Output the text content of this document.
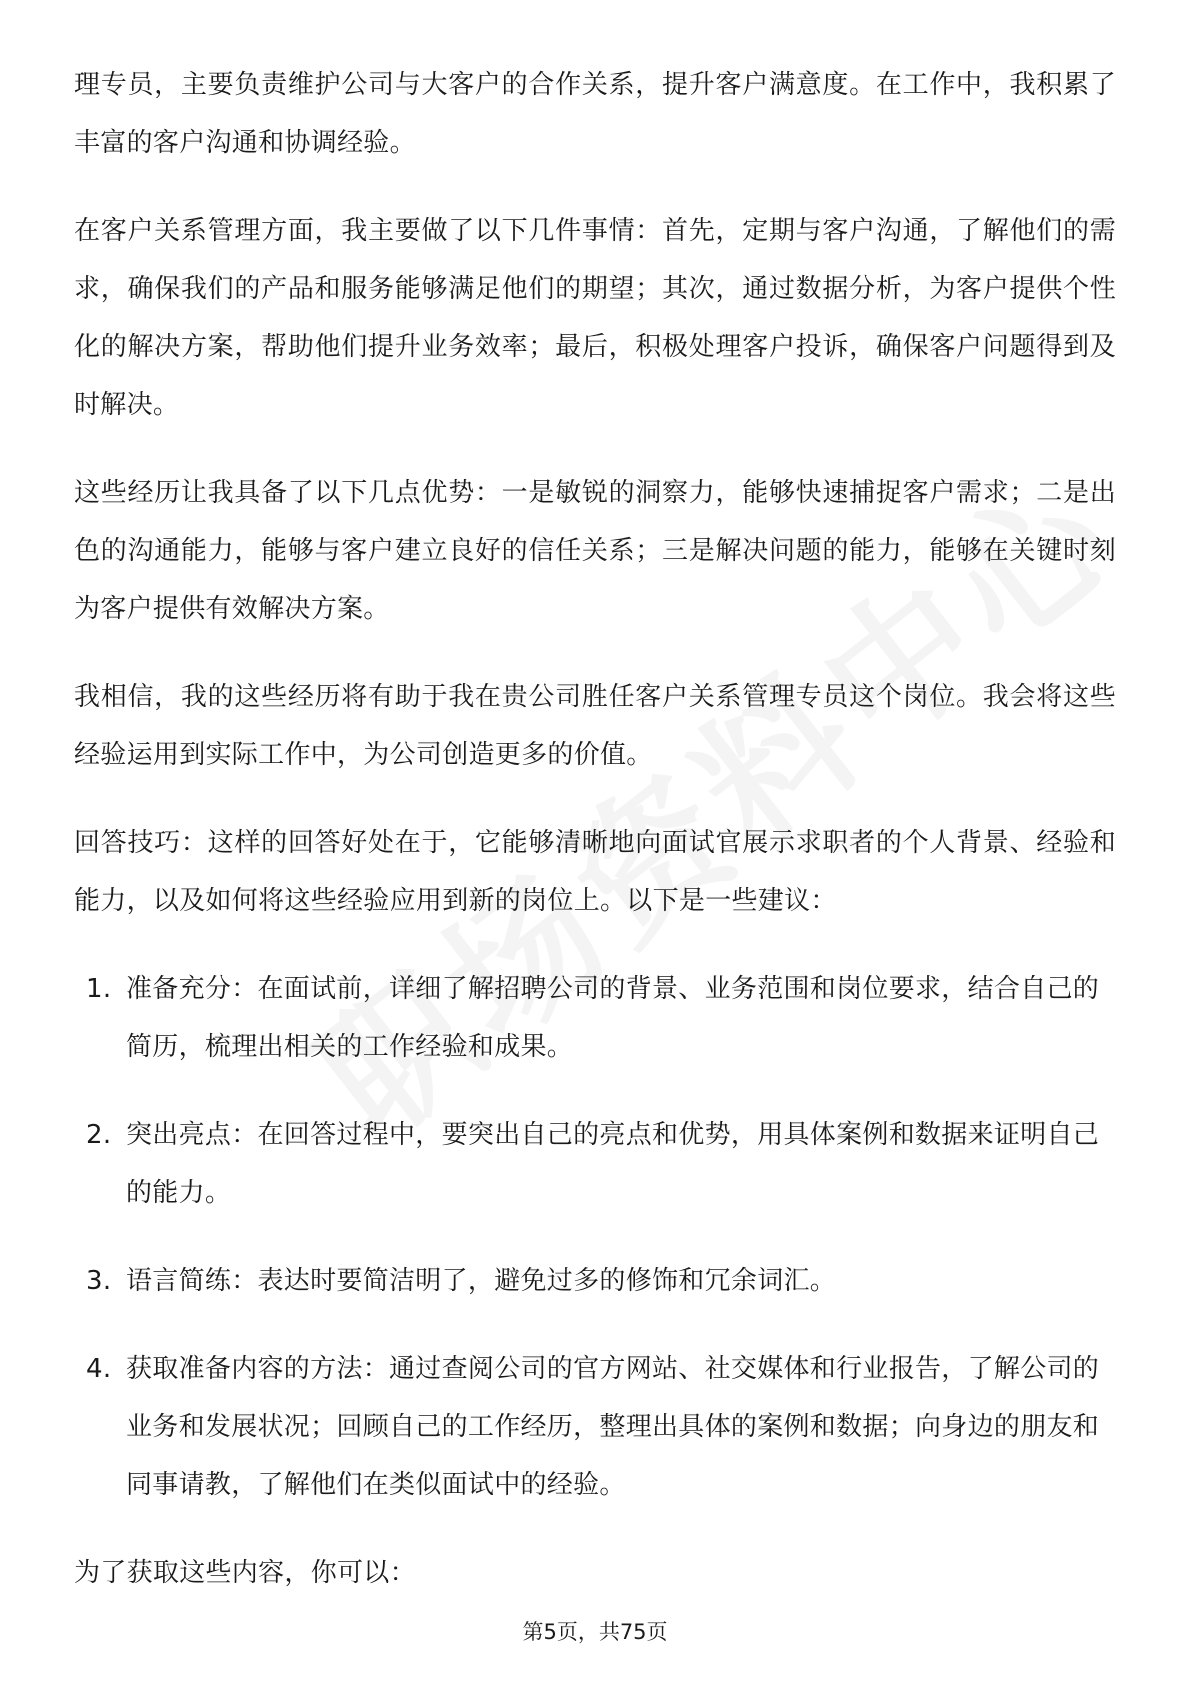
理专员，主要负责维护公司与大客户的合作关系，提升客户满意度。在工作中，我积累了丰富的客户沟通和协调经验。

在客户关系管理方面，我主要做了以下几件事情：首先，定期与客户沟通，了解他们的需求，确保我们的产品和服务能够满足他们的期望；其次，通过数据分析，为客户提供个性化的解决方案，帮助他们提升业务效率；最后，积极处理客户投诉，确保客户问题得到及时解决。

这些经历让我具备了以下几点优势：一是敏锐的洞察力，能够快速捕捉客户需求；二是出色的沟通能力，能够与客户建立良好的信任关系；三是解决问题的能力，能够在关键时刻为客户提供有效解决方案。

我相信，我的这些经历将有助于我在贵公司胜任客户关系管理专员这个岗位。我会将这些经验运用到实际工作中，为公司创造更多的价值。

回答技巧：这样的回答好处在于，它能够清晰地向面试官展示求职者的个人背景、经验和能力，以及如何将这些经验应用到新的岗位上。以下是一些建议：

1. 准备充分：在面试前，详细了解招聘公司的背景、业务范围和岗位要求，结合自己的简历，梳理出相关的工作经验和成果。
2. 突出亮点：在回答过程中，要突出自己的亮点和优势，用具体案例和数据来证明自己的能力。
3. 语言简练：表达时要简洁明了，避免过多的修饰和冗余词汇。
4. 获取准备内容的方法：通过查阅公司的官方网站、社交媒体和行业报告，了解公司的业务和发展状况；回顾自己的工作经历，整理出具体的案例和数据；向身边的朋友和同事请教，了解他们在类似面试中的经验。

为了获取这些内容，你可以：

第5页，共75页
